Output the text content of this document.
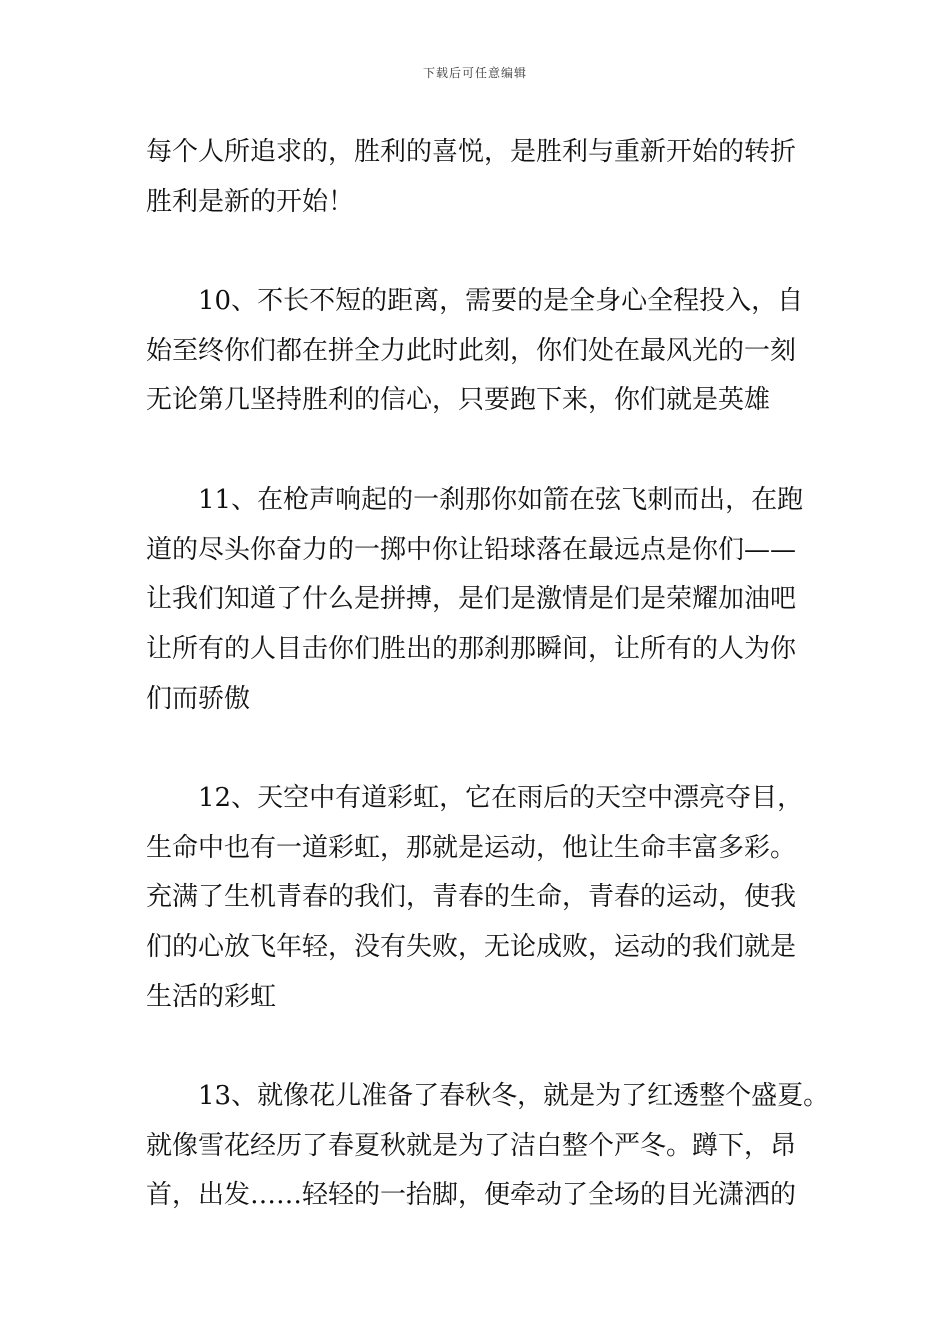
下载后可任意编辑
每个人所追求的，胜利的喜悦，是胜利与重新开始的转折
胜利是新的开始！
10、不长不短的距离，需要的是全身心全程投入，自
始至终你们都在拼全力此时此刻，你们处在最风光的一刻
无论第几坚持胜利的信心，只要跑下来，你们就是英雄
11、在枪声响起的一刹那你如箭在弦飞刺而出，在跑
道的尽头你奋力的一掷中你让铅球落在最远点是你们——
让我们知道了什么是拼搏，是们是激情是们是荣耀加油吧
让所有的人目击你们胜出的那刹那瞬间，让所有的人为你
们而骄傲
12、天空中有道彩虹，它在雨后的天空中漂亮夺目，
生命中也有一道彩虹，那就是运动，他让生命丰富多彩。
充满了生机青春的我们，青春的生命，青春的运动，使我
们的心放飞年轻，没有失败，无论成败，运动的我们就是
生活的彩虹
13、就像花儿准备了春秋冬，就是为了红透整个盛夏。
就像雪花经历了春夏秋就是为了洁白整个严冬。蹲下，昂
首，出发……轻轻的一抬脚，便牵动了全场的目光潇洒的
